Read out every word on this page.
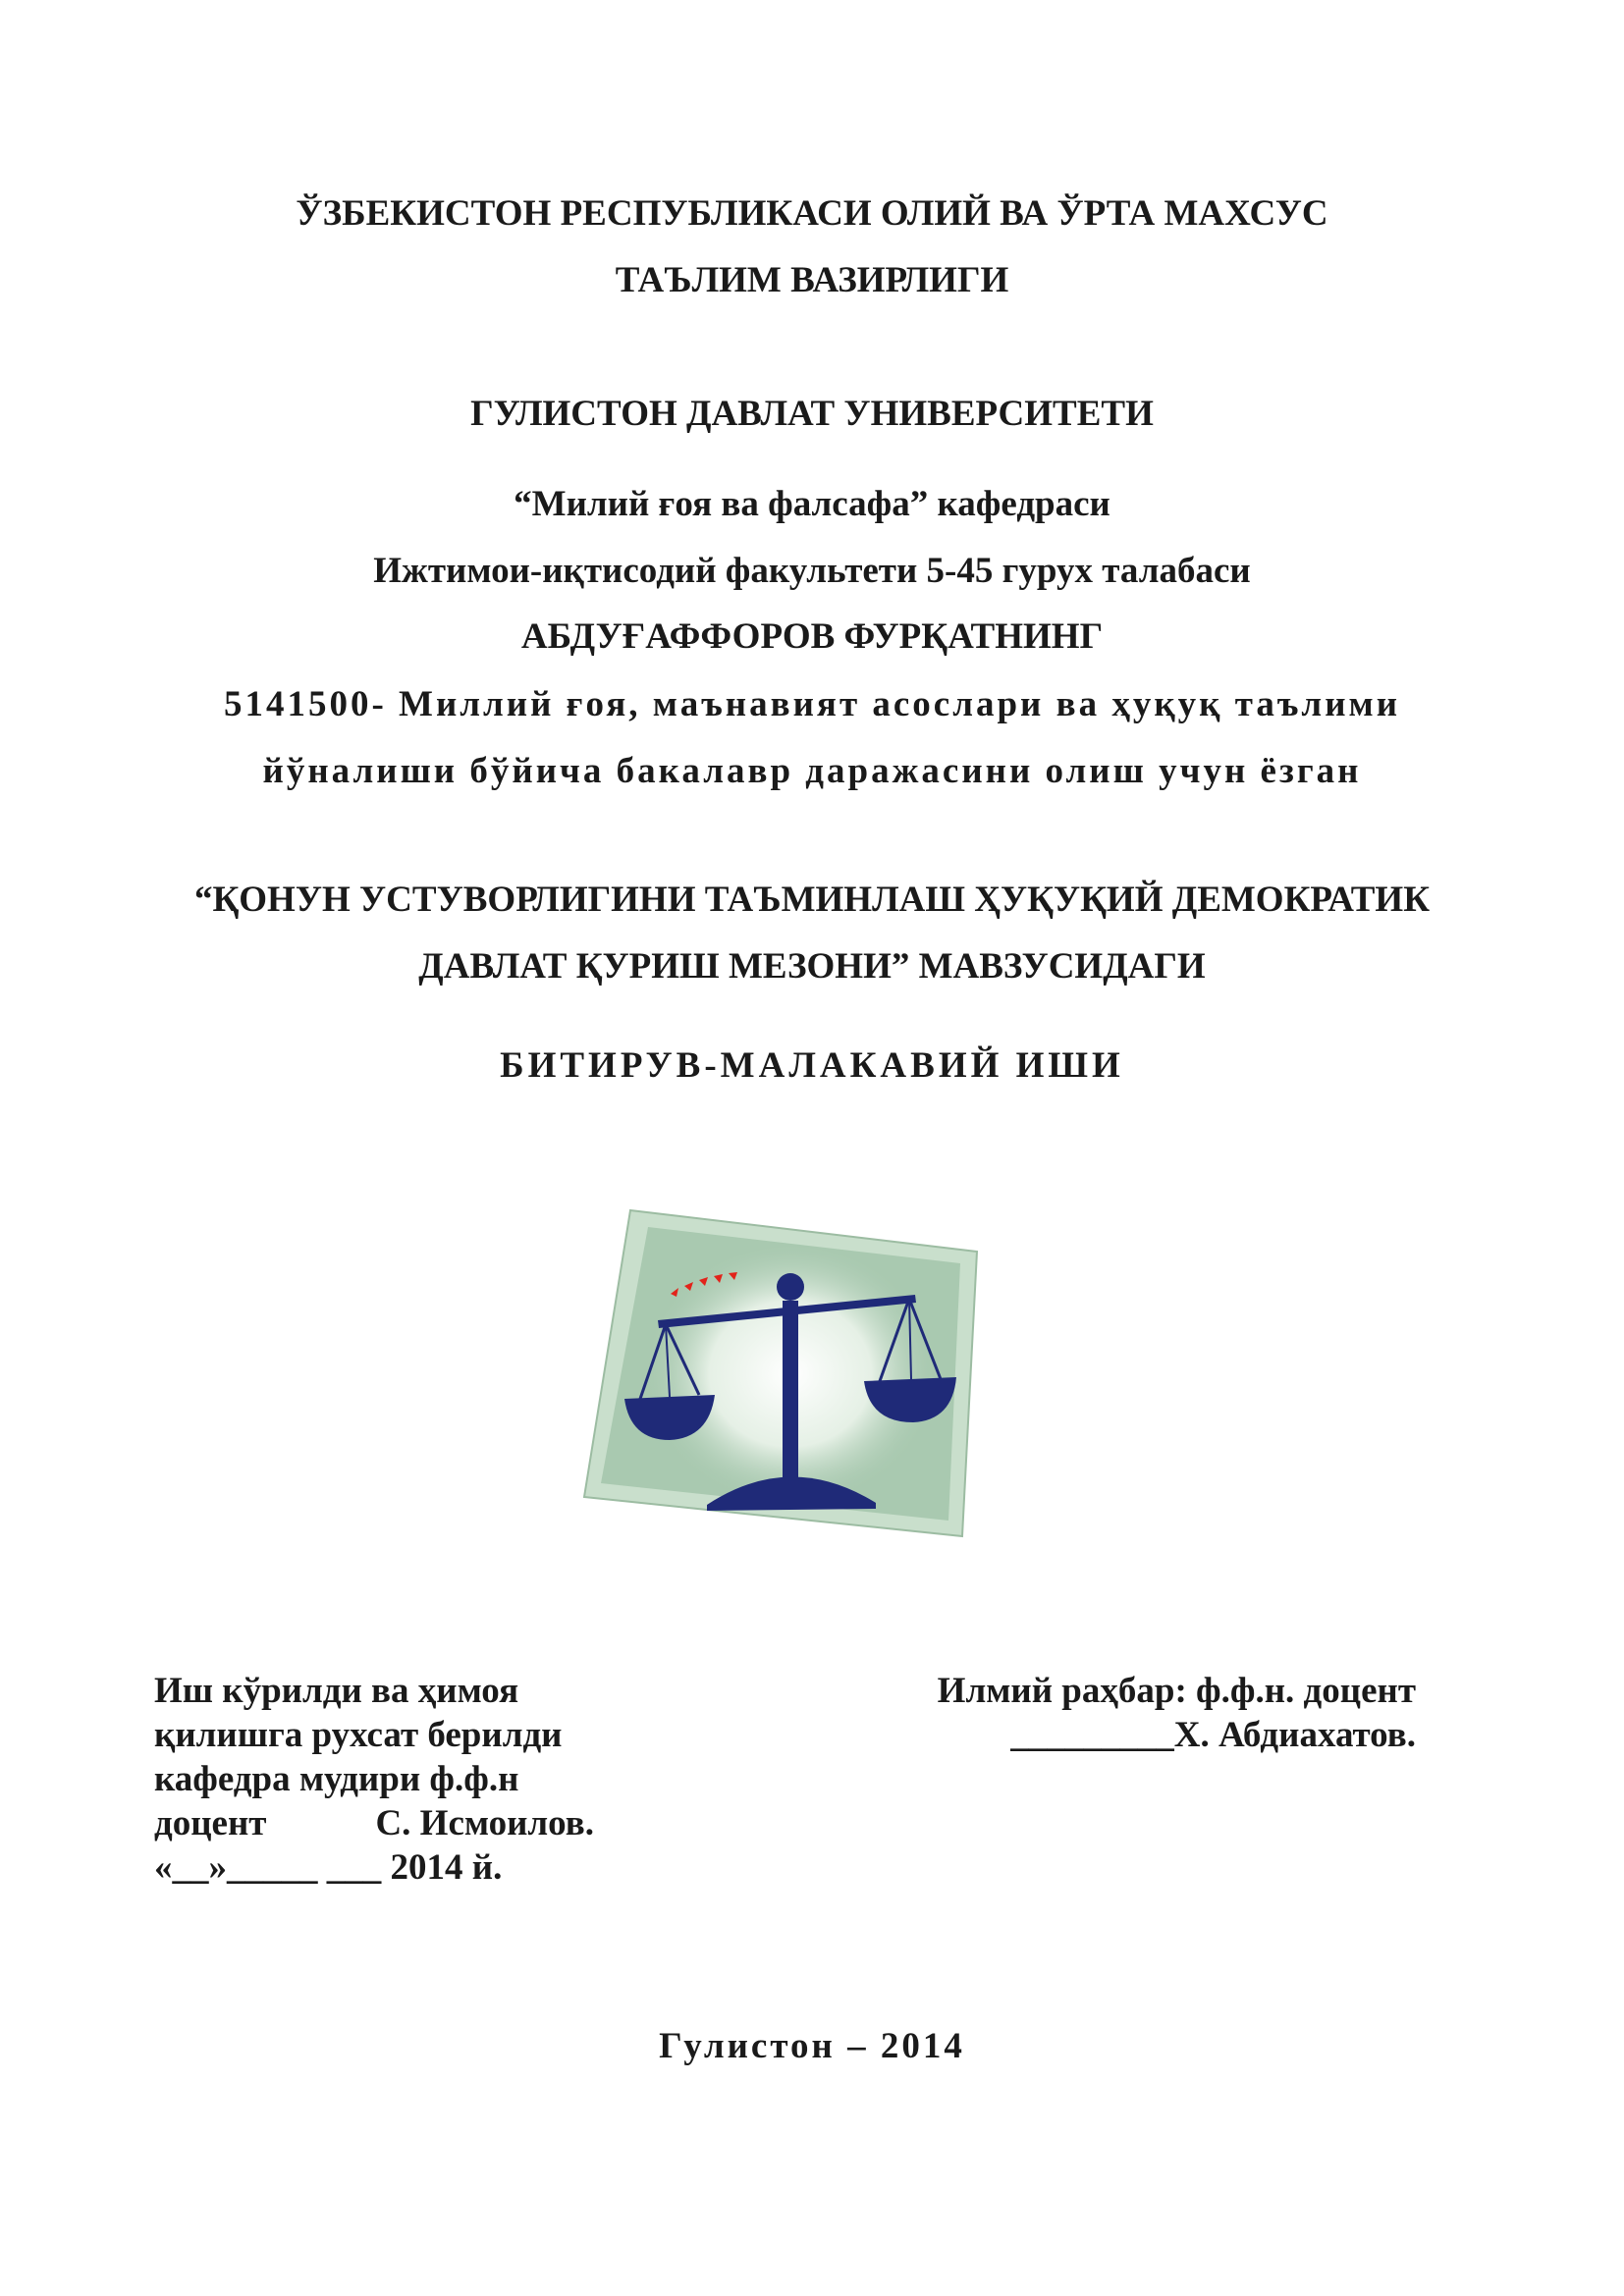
ЎЗБЕКИСТОН РЕСПУБЛИКАСИ ОЛИЙ ВА ЎРТА МАХСУС
ТАЪЛИМ ВАЗИРЛИГИ
ГУЛИСТОН ДАВЛАТ УНИВЕРСИТЕТИ
“Милий ғоя ва фалсафа” кафедраси
Ижтимои-иқтисодий факультети 5-45 гурух талабаси
АБДУҒАФФОРОВ ФУРҚАТНИНГ
5141500- Миллий ғоя, маънавият асослари ва ҳуқуқ таълими
йўналиши бўйича бакалавр даражасини олиш учун ёзган
“ҚОНУН УСТУВОРЛИГИНИ ТАЪМИНЛАШ ҲУҚУҚИЙ ДЕМОКРАТИК
ДАВЛАТ ҚУРИШ МЕЗОНИ” МАВЗУСИДАГИ
БИТИРУВ-МАЛАКАВИЙ ИШИ
Иш кўрилди ва ҳимоя
қилишга рухсат берилди
кафедра мудири ф.ф.н
доцент            С. Исмоилов.
«__»_____ ___ 2014 й.
Илмий раҳбар: ф.ф.н. доцент
_________Х. Абдиахатов.
Гулистон – 2014
